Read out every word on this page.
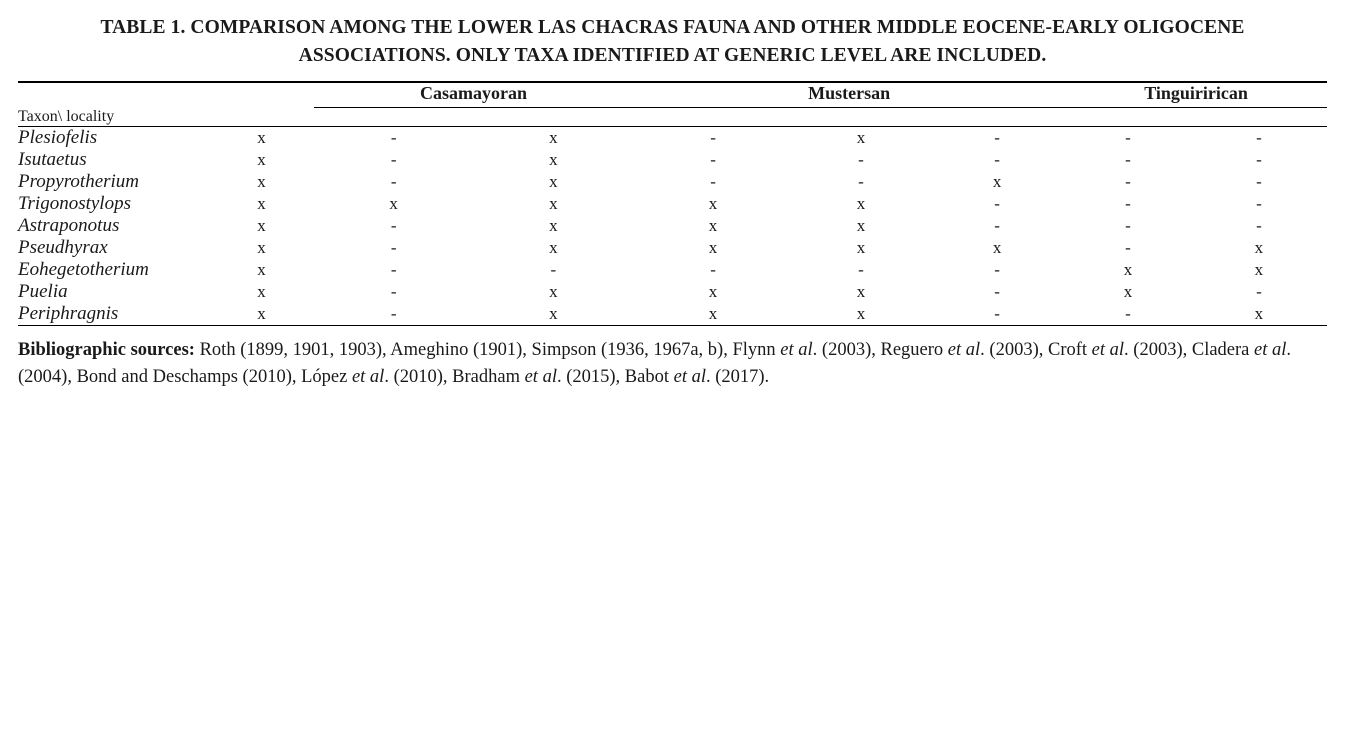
TABLE 1. COMPARISON AMONG THE LOWER LAS CHACRAS FAUNA AND OTHER MIDDLE EOCENE-EARLY OLIGOCENE ASSOCIATIONS. ONLY TAXA IDENTIFIED AT GENERIC LEVEL ARE INCLUDED.

		Casamayoran		Mustersan			Tinguirirican	

Taxon\ locality
Plesiofelis	x	-	x	-	x	-	-	-
Isutaetus	x	-	x	-	-	-	-	-
Propyrotherium	x	-	x	-	-	x	-	-
Trigonostylops	x	x	x	x	x	-	-	-
Astraponotus	x	-	x	x	x	-	-	-
Pseudhyrax	x	-	x	x	x	x	-	x
Eohegetotherium	x	-	-	-	-	-	x	x
Puelia	x	-	x	x	x	-	x	-
Periphragnis	x	-	x	x	x	-	-	x
Bibliographic sources: Roth (1899, 1901, 1903), Ameghino (1901), Simpson (1936, 1967a, b), Flynn et al. (2003), Reguero et al. (2003), Croft et al. (2003), Cladera et al. (2004), Bond and Deschamps (2010), López et al. (2010), Bradham et al. (2015), Babot et al. (2017).
